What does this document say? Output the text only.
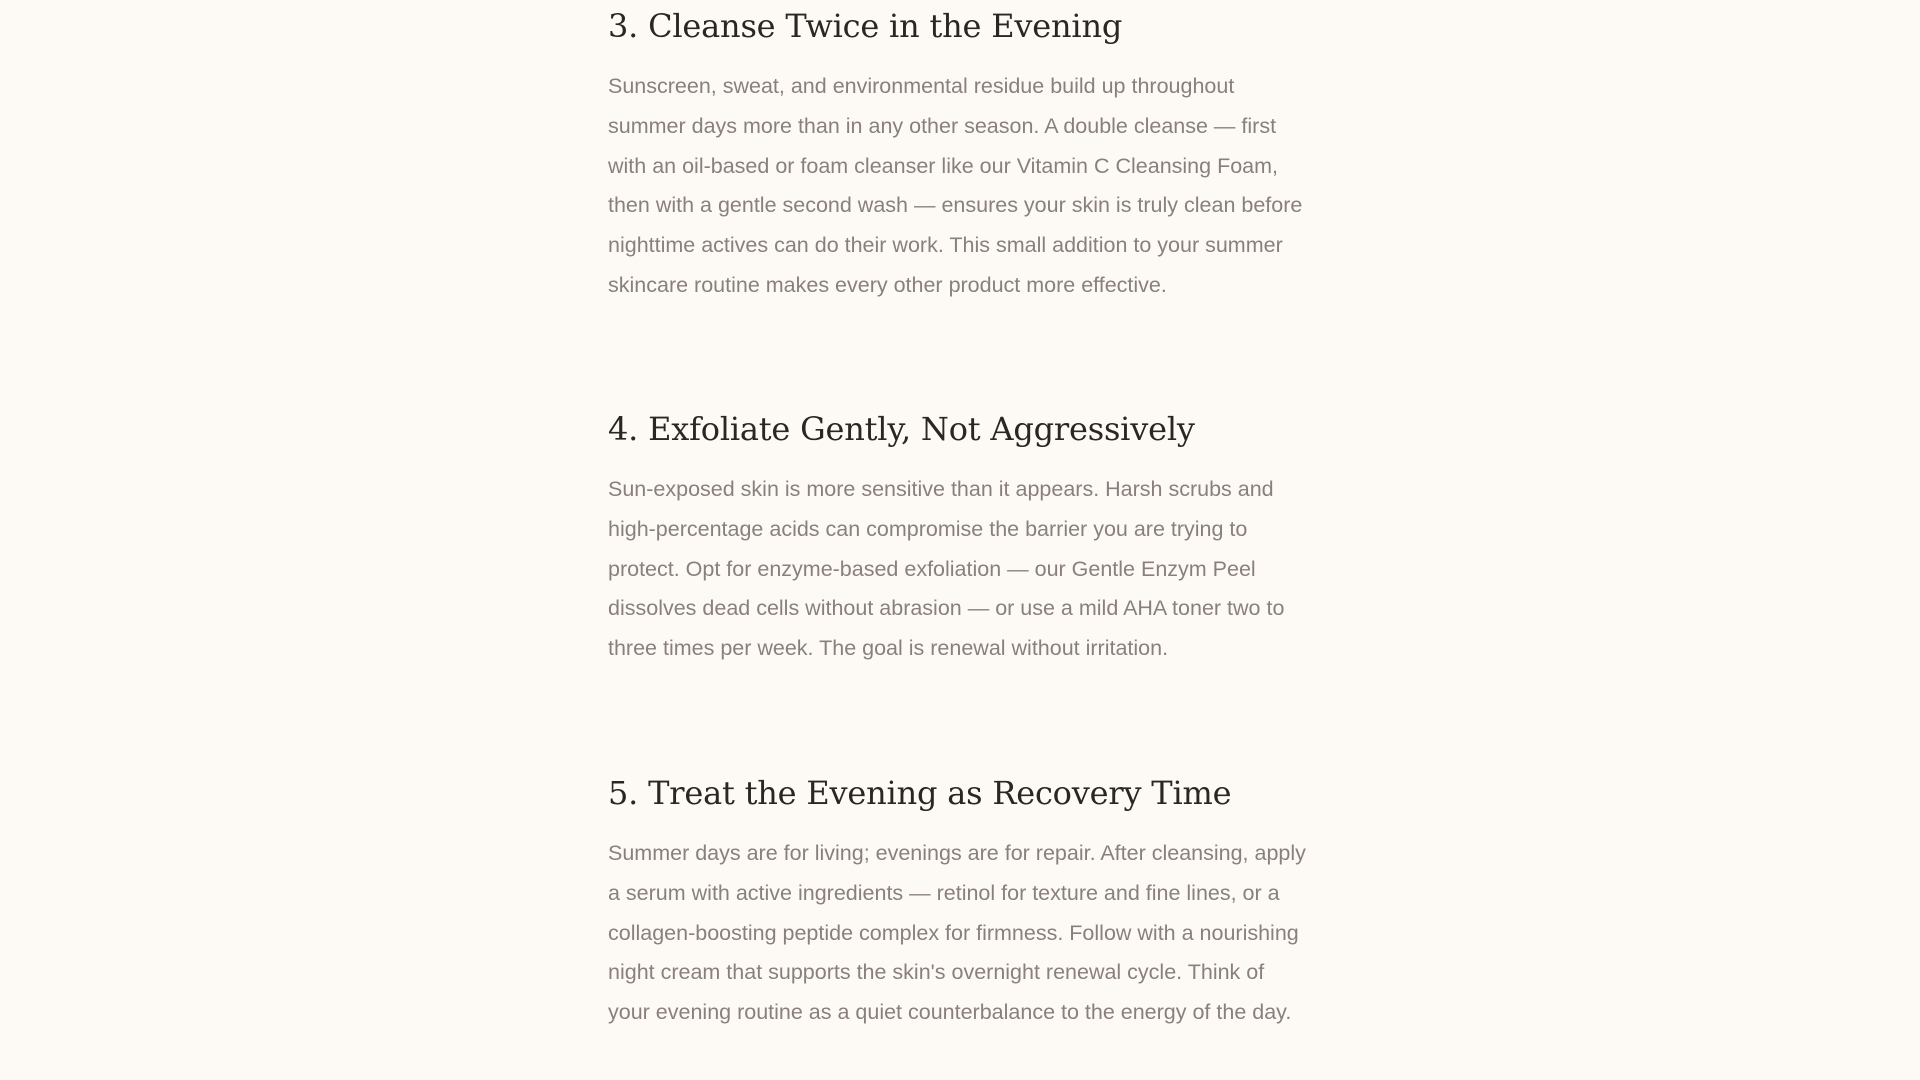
3. Cleanse Twice in the Evening

Sunscreen, sweat, and environmental residue build up throughout summer days more than in any other season. A double cleanse — first with an oil-based or foam cleanser like our Vitamin C Cleansing Foam, then with a gentle second wash — ensures your skin is truly clean before nighttime actives can do their work. This small addition to your summer skincare routine makes every other product more effective.

4. Exfoliate Gently, Not Aggressively

Sun-exposed skin is more sensitive than it appears. Harsh scrubs and high-percentage acids can compromise the barrier you are trying to protect. Opt for enzyme-based exfoliation — our Gentle Enzym Peel dissolves dead cells without abrasion — or use a mild AHA toner two to three times per week. The goal is renewal without irritation.

5. Treat the Evening as Recovery Time

Summer days are for living; evenings are for repair. After cleansing, apply a serum with active ingredients — retinol for texture and fine lines, or a collagen-boosting peptide complex for firmness. Follow with a nourishing night cream that supports the skin's overnight renewal cycle. Think of your evening routine as a quiet counterbalance to the energy of the day.
